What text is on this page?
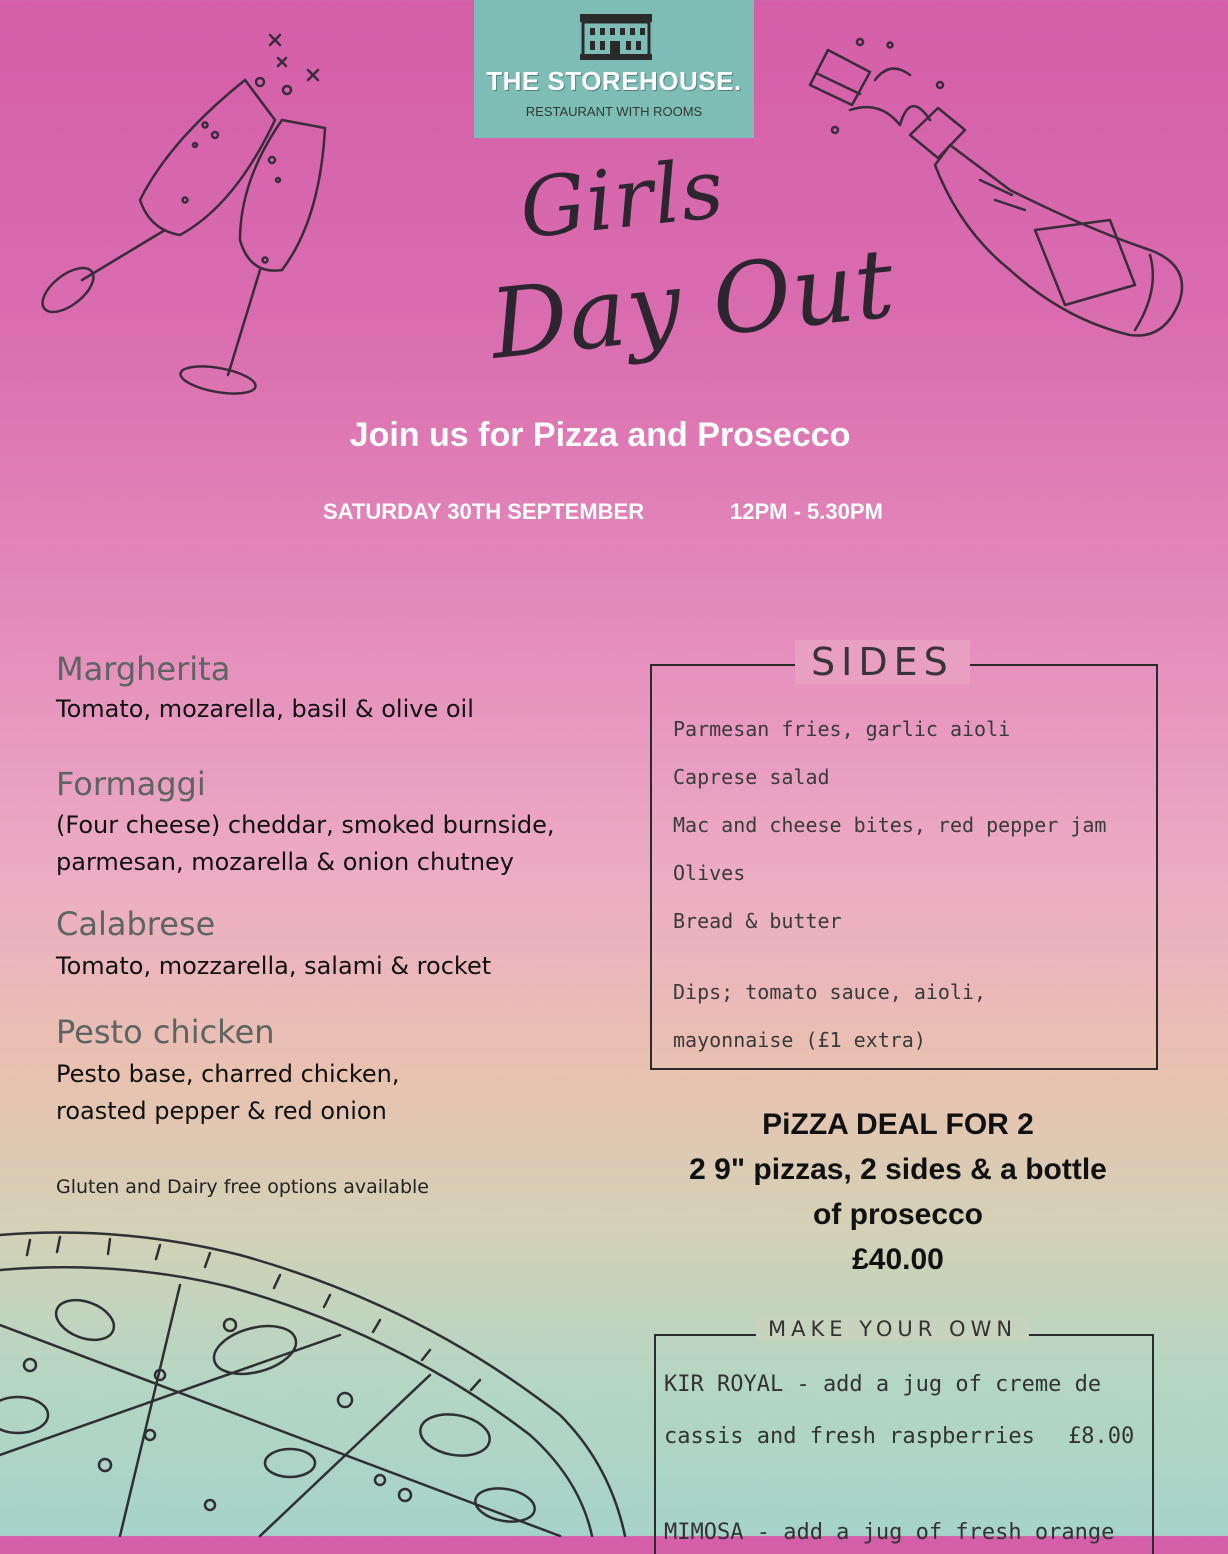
THE STOREHOUSE.
RESTAURANT WITH ROOMS
Girls
Day Out
Join us for Pizza and Prosecco
SATURDAY 30TH SEPTEMBER	12PM - 5.30PM
Margherita
Tomato, mozarella, basil & olive oil
Formaggi
(Four cheese) cheddar, smoked burnside,
parmesan, mozarella & onion chutney
Calabrese
Tomato, mozzarella, salami & rocket
Pesto chicken
Pesto base, charred chicken,
roasted pepper & red onion
Gluten and Dairy free options available
SIDES
Parmesan fries, garlic aioli
Caprese salad
Mac and cheese bites, red pepper jam
Olives
Bread & butter
Dips; tomato sauce, aioli,
mayonnaise (£1 extra)
PiZZA DEAL FOR 2
2 9" pizzas, 2 sides & a bottle
of prosecco
£40.00
MAKE YOUR OWN
KIR ROYAL - add a jug of creme de
cassis and fresh raspberries £8.00
MIMOSA - add a jug of fresh orange
